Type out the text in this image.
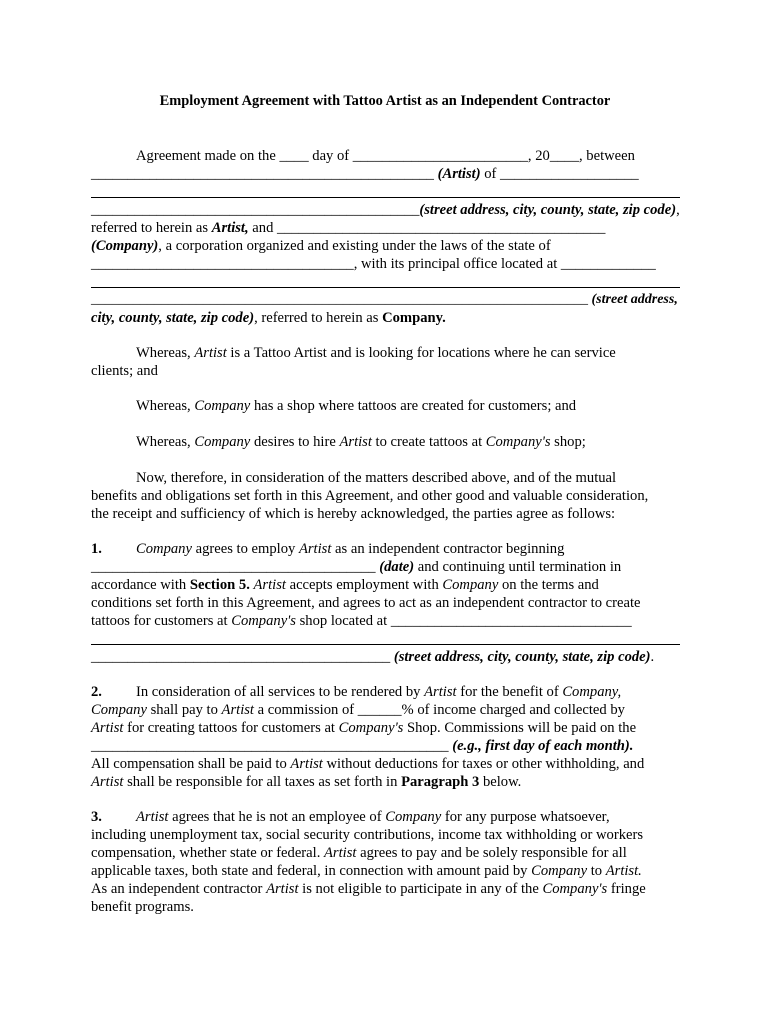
Employment Agreement with Tattoo Artist as an Independent Contractor
Agreement made on the ____ day of ________________________, 20____, between
_______________________________________________ (Artist) of ___________________
_____________________________________________(street address, city, county, state, zip code),
referred to herein as Artist, and _____________________________________________
(Company), a corporation organized and existing under the laws of the state of
____________________________________, with its principal office located at _____________
_______________________________________________________________________ (street address,
city, county, state, zip code), referred to herein as Company.
Whereas, Artist is a Tattoo Artist and is looking for locations where he can service
clients; and
Whereas, Company has a shop where tattoos are created for customers; and
Whereas, Company desires to hire Artist to create tattoos at Company's shop;
Now, therefore, in consideration of the matters described above, and of the mutual
benefits and obligations set forth in this Agreement, and other good and valuable consideration,
the receipt and sufficiency of which is hereby acknowledged, the parties agree as follows:
1. Company agrees to employ Artist as an independent contractor beginning
_______________________________________ (date) and continuing until termination in
accordance with Section 5. Artist accepts employment with Company on the terms and
conditions set forth in this Agreement, and agrees to act as an independent contractor to create
tattoos for customers at Company's shop located at _________________________________
_________________________________________ (street address, city, county, state, zip code).
2. In consideration of all services to be rendered by Artist for the benefit of Company,
Company shall pay to Artist a commission of ______% of income charged and collected by
Artist for creating tattoos for customers at Company's Shop. Commissions will be paid on the
_________________________________________________ (e.g., first day of each month).
All compensation shall be paid to Artist without deductions for taxes or other withholding, and
Artist shall be responsible for all taxes as set forth in Paragraph 3 below.
3. Artist agrees that he is not an employee of Company for any purpose whatsoever,
including unemployment tax, social security contributions, income tax withholding or workers
compensation, whether state or federal. Artist agrees to pay and be solely responsible for all
applicable taxes, both state and federal, in connection with amount paid by Company to Artist.
As an independent contractor Artist is not eligible to participate in any of the Company's fringe
benefit programs.
